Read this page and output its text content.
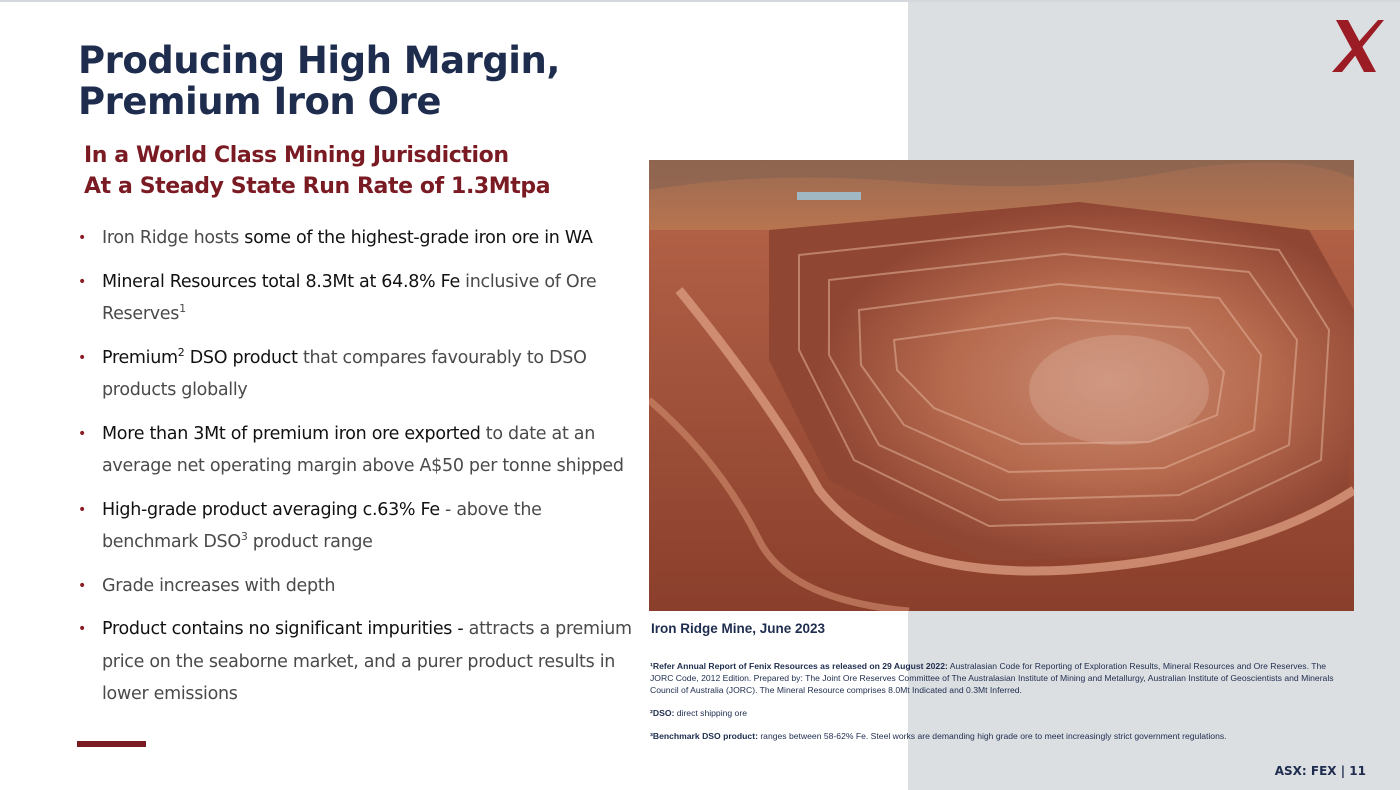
Producing High Margin,
Premium Iron Ore
In a World Class Mining Jurisdiction
At a Steady State Run Rate of 1.3Mtpa
• Iron Ridge hosts some of the highest-grade iron ore in WA
• Mineral Resources total 8.3Mt at 64.8% Fe inclusive of Ore Reserves$^1$
• Premium$^2$ DSO product that compares favourably to DSO products globally
• More than 3Mt of premium iron ore exported to date at an average net operating margin above A$50 per tonne shipped
• High-grade product averaging c.63% Fe - above the benchmark DSO$^3$ product range
• Grade increases with depth
• Product contains no significant impurities - attracts a premium price on the seaborne market, and a purer product results in lower emissions

Iron Ridge Mine, June 2023

¹Refer Annual Report of Fenix Resources as released on 29 August 2022: Australasian Code for Reporting of Exploration Results, Mineral Resources and Ore Reserves. The JORC Code, 2012 Edition. Prepared by: The Joint Ore Reserves Committee of The Australasian Institute of Mining and Metallurgy, Australian Institute of Geoscientists and Minerals Council of Australia (JORC). The Mineral Resource comprises 8.0Mt Indicated and 0.3Mt Inferred.

²DSO: direct shipping ore

³Benchmark DSO product: ranges between 58-62% Fe. Steel works are demanding high grade ore to meet increasingly strict government regulations.

ASX: FEX | 11
